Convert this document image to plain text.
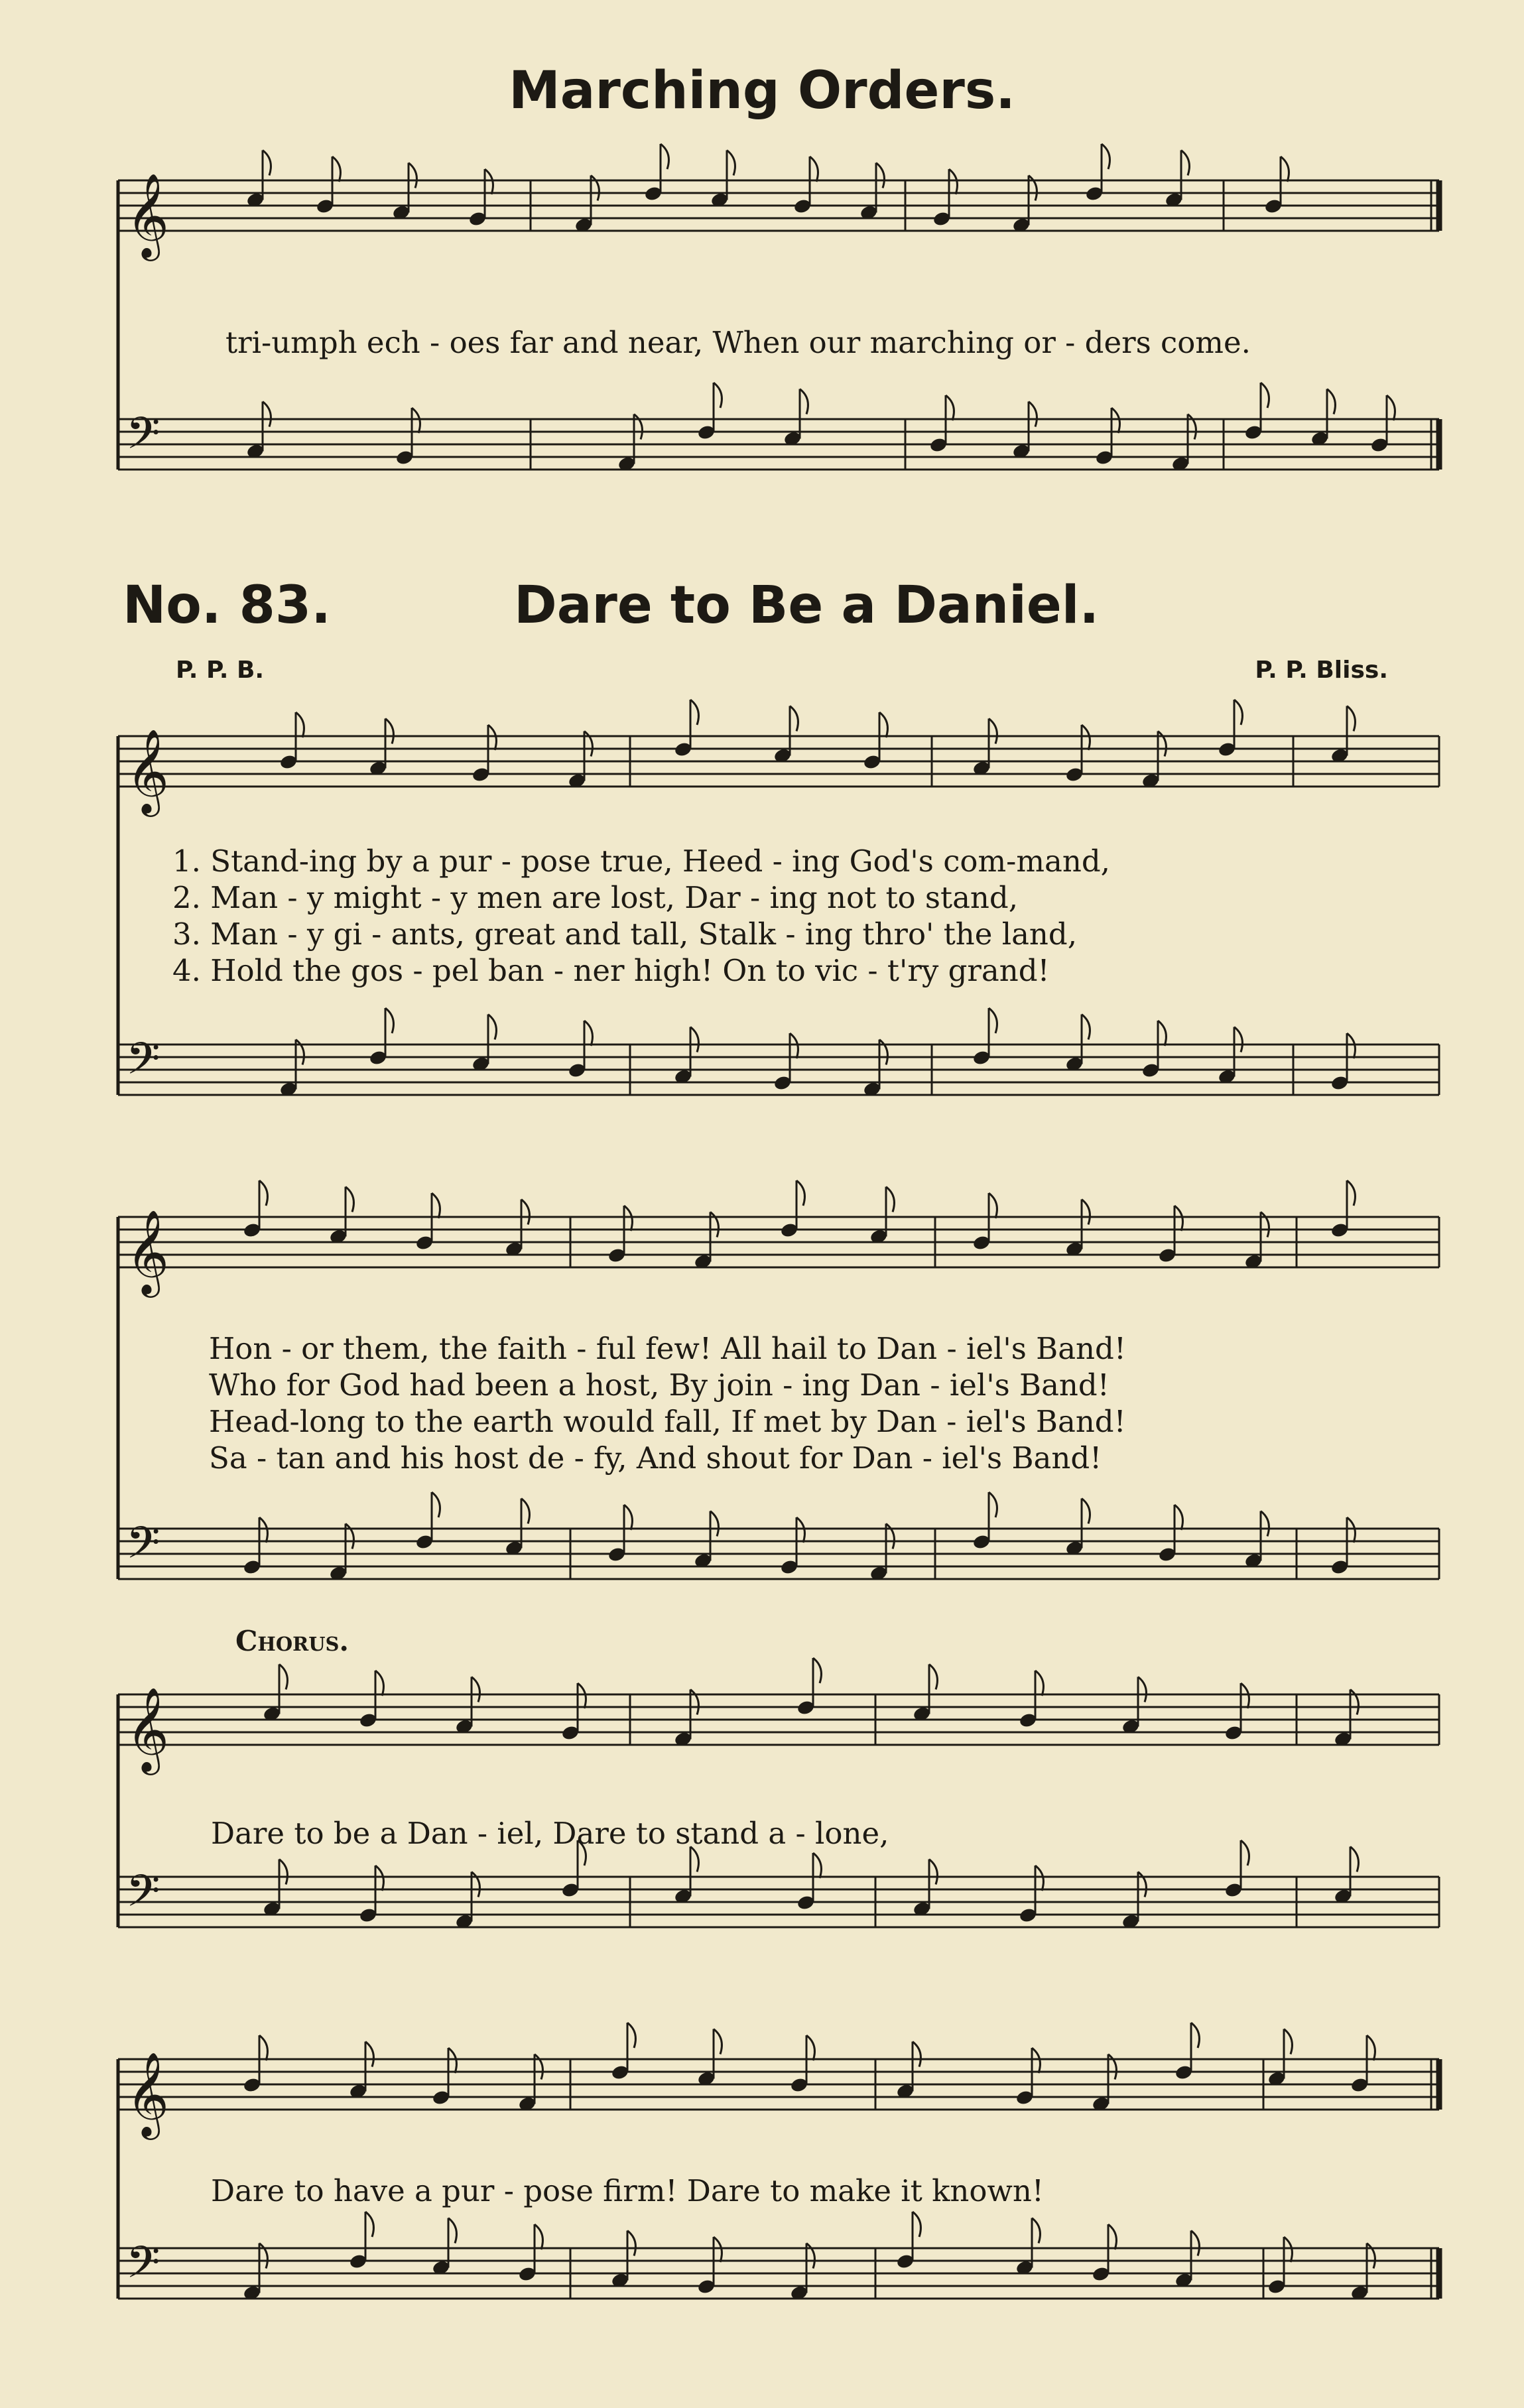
Marching Orders.
No. 83.	Dare to Be a Daniel.
P. P. B.	P. P. Bliss.
tri-umph ech - oes far and near, When our marching or - ders come.
1. Stand-ing by a pur - pose true, Heed - ing God's com-mand,
2. Man - y might - y men are lost, Dar - ing not to stand,
3. Man - y gi - ants, great and tall, Stalk - ing thro' the land,
4. Hold the gos - pel ban - ner high! On to vic - t'ry grand!
Hon - or them, the faith - ful few! All hail to Dan - iel's Band!
Who for God had been a host, By join - ing Dan - iel's Band!
Head-long to the earth would fall, If met by Dan - iel's Band!
Sa - tan and his host de - fy, And shout for Dan - iel's Band!
Chorus.
Dare to be a Dan - iel, Dare to stand a - lone,
Dare to have a pur - pose firm! Dare to make it known!
𝄞
𝄢
𝄞
𝄢
𝄞
𝄢
𝄞
𝄢
𝄞
𝄢
